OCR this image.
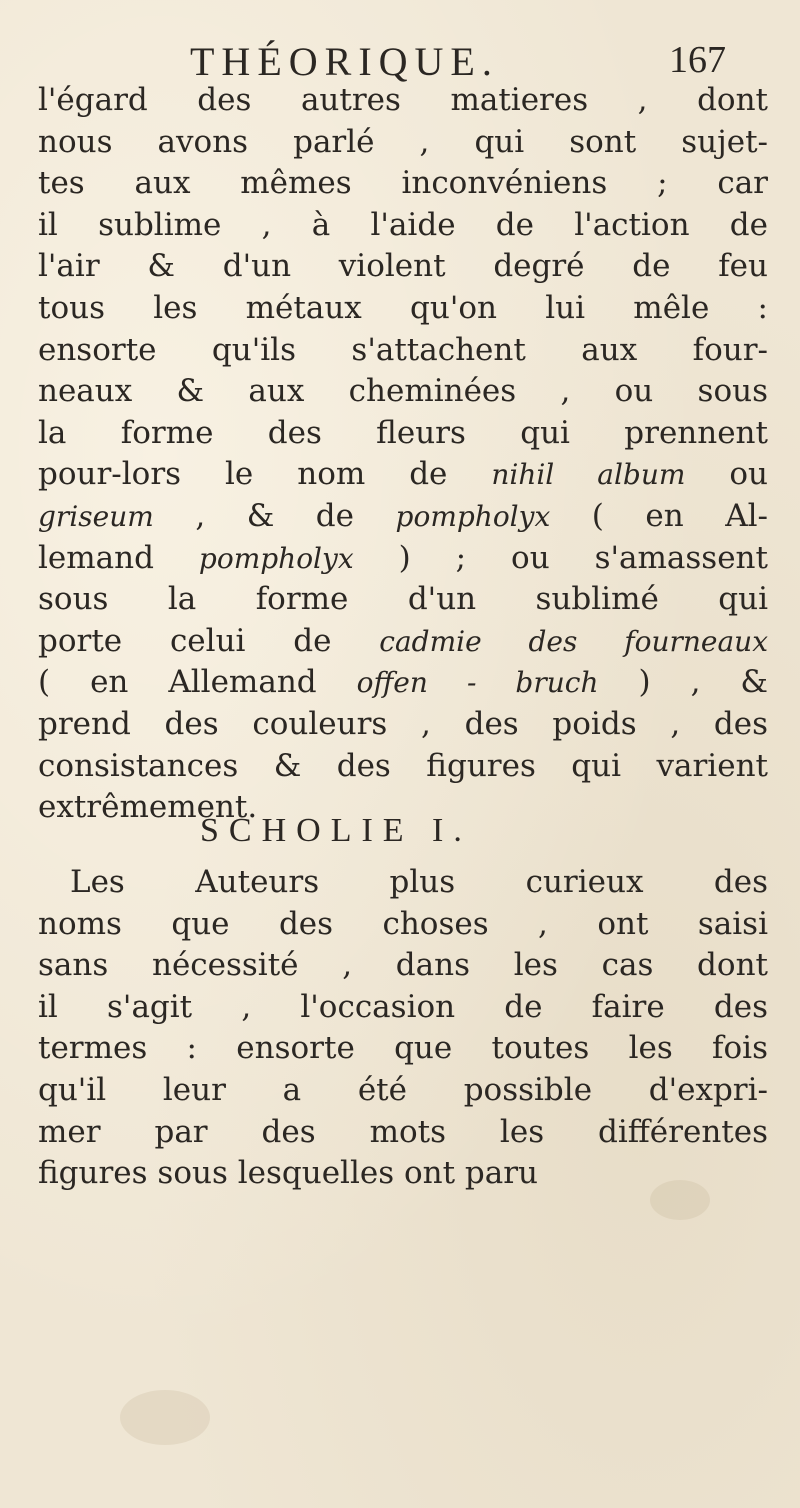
THÉORIQUE.	167
l'égard des autres matieres , dont
nous avons parlé , qui sont sujet-
tes aux mêmes inconvéniens ; car
il sublime , à l'aide de l'action de
l'air & d'un violent degré de feu
tous les métaux qu'on lui mêle :
ensorte qu'ils s'attachent aux four-
neaux & aux cheminées , ou sous
la forme des fleurs qui prennent
pour-lors le nom de nihil album ou
griseum , & de pompholyx ( en Al-
lemand pompholyx ) ; ou s'amassent
sous la forme d'un sublimé qui
porte celui de cadmie des fourneaux
( en Allemand offen - bruch ) , &
prend des couleurs , des poids , des
consistances & des figures qui varient
extrêmement.
SCHOLIE I.
Les Auteurs plus curieux des
noms que des choses , ont saisi
sans nécessité , dans les cas dont
il s'agit , l'occasion de faire des
termes : ensorte que toutes les fois
qu'il leur a été possible d'expri-
mer par des mots les différentes
figures sous lesquelles ont paru
